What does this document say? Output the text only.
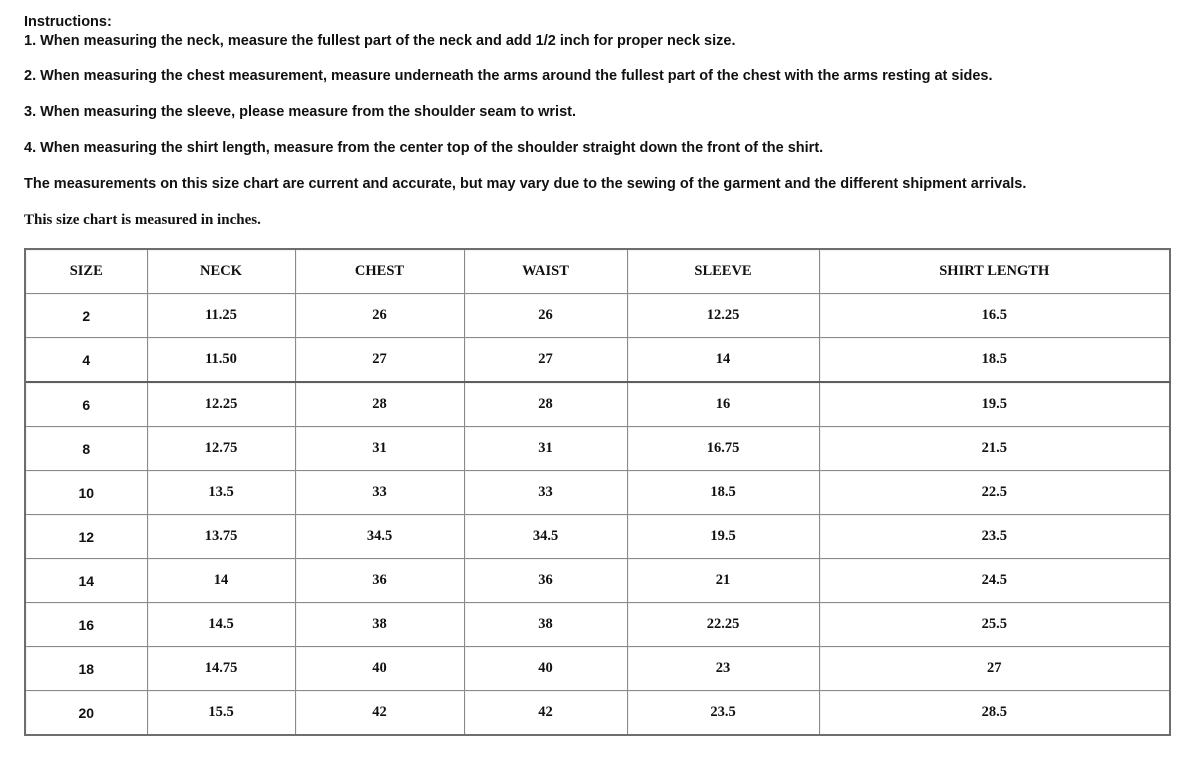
Instructions:
1. When measuring the neck, measure the fullest part of the neck and add 1/2 inch for proper neck size.
2. When measuring the chest measurement, measure underneath the arms around the fullest part of the chest with the arms resting at sides.
3. When measuring the sleeve, please measure from the shoulder seam to wrist.
4. When measuring the shirt length, measure from the center top of the shoulder straight down the front of the shirt.
The measurements on this size chart are current and accurate, but may vary due to the sewing of the garment and the different shipment arrivals.
This size chart is measured in inches.
SIZE	NECK	CHEST	WAIST	SLEEVE	SHIRT LENGTH
2	11.25	26	26	12.25	16.5
4	11.50	27	27	14	18.5
6	12.25	28	28	16	19.5
8	12.75	31	31	16.75	21.5
10	13.5	33	33	18.5	22.5
12	13.75	34.5	34.5	19.5	23.5
14	14	36	36	21	24.5
16	14.5	38	38	22.25	25.5
18	14.75	40	40	23	27
20	15.5	42	42	23.5	28.5
